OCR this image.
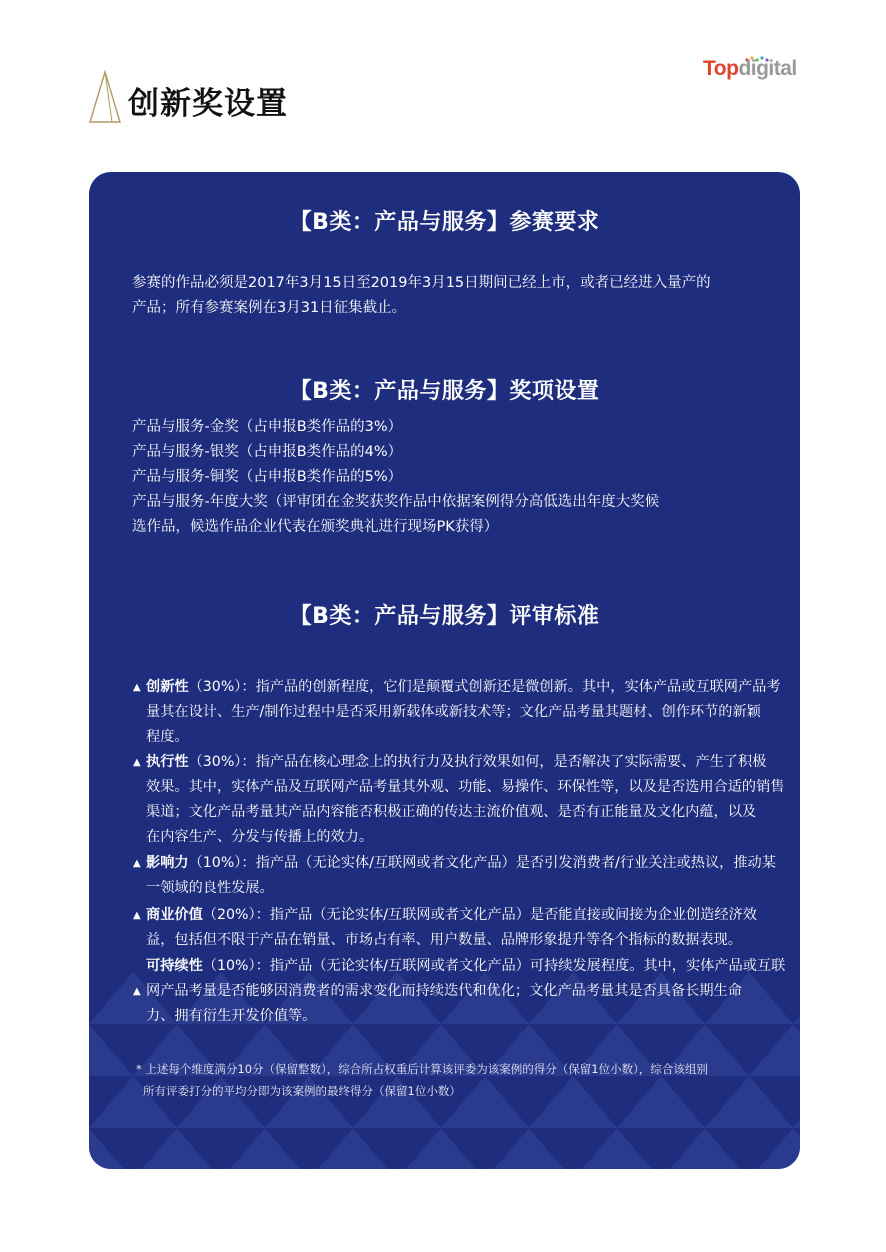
创新奖设置
Topdigital
【B类：产品与服务】参赛要求
参赛的作品必须是2017年3月15日至2019年3月15日期间已经上市，或者已经进入量产的
产品；所有参赛案例在3月31日征集截止。
【B类：产品与服务】奖项设置
产品与服务-金奖（占申报B类作品的3%）
产品与服务-银奖（占申报B类作品的4%）
产品与服务-铜奖（占申报B类作品的5%）
产品与服务-年度大奖（评审团在金奖获奖作品中依据案例得分高低选出年度大奖候
选作品，候选作品企业代表在颁奖典礼进行现场PK获得）
【B类：产品与服务】评审标准
▲ 创新性（30%）：指产品的创新程度，它们是颠覆式创新还是微创新。其中，实体产品或互联网产品考
量其在设计、生产/制作过程中是否采用新载体或新技术等；文化产品考量其题材、创作环节的新颖
程度。
▲ 执行性（30%）：指产品在核心理念上的执行力及执行效果如何，是否解决了实际需要、产生了积极
效果。其中，实体产品及互联网产品考量其外观、功能、易操作、环保性等，以及是否选用合适的销售
渠道；文化产品考量其产品内容能否积极正确的传达主流价值观、是否有正能量及文化内蕴，以及
在内容生产、分发与传播上的效力。
▲ 影响力（10%）：指产品（无论实体/互联网或者文化产品）是否引发消费者/行业关注或热议，推动某
一领域的良性发展。
▲ 商业价值（20%）：指产品（无论实体/互联网或者文化产品）是否能直接或间接为企业创造经济效
益，包括但不限于产品在销量、市场占有率、用户数量、品牌形象提升等各个指标的数据表现。
▲
可持续性（10%）：指产品（无论实体/互联网或者文化产品）可持续发展程度。其中，实体产品或互联
网产品考量是否能够因消费者的需求变化而持续迭代和优化；文化产品考量其是否具备长期生命
力、拥有衍生开发价值等。
* 上述每个维度满分10分（保留整数），综合所占权重后计算该评委为该案例的得分（保留1位小数），综合该组别
所有评委打分的平均分即为该案例的最终得分（保留1位小数）
